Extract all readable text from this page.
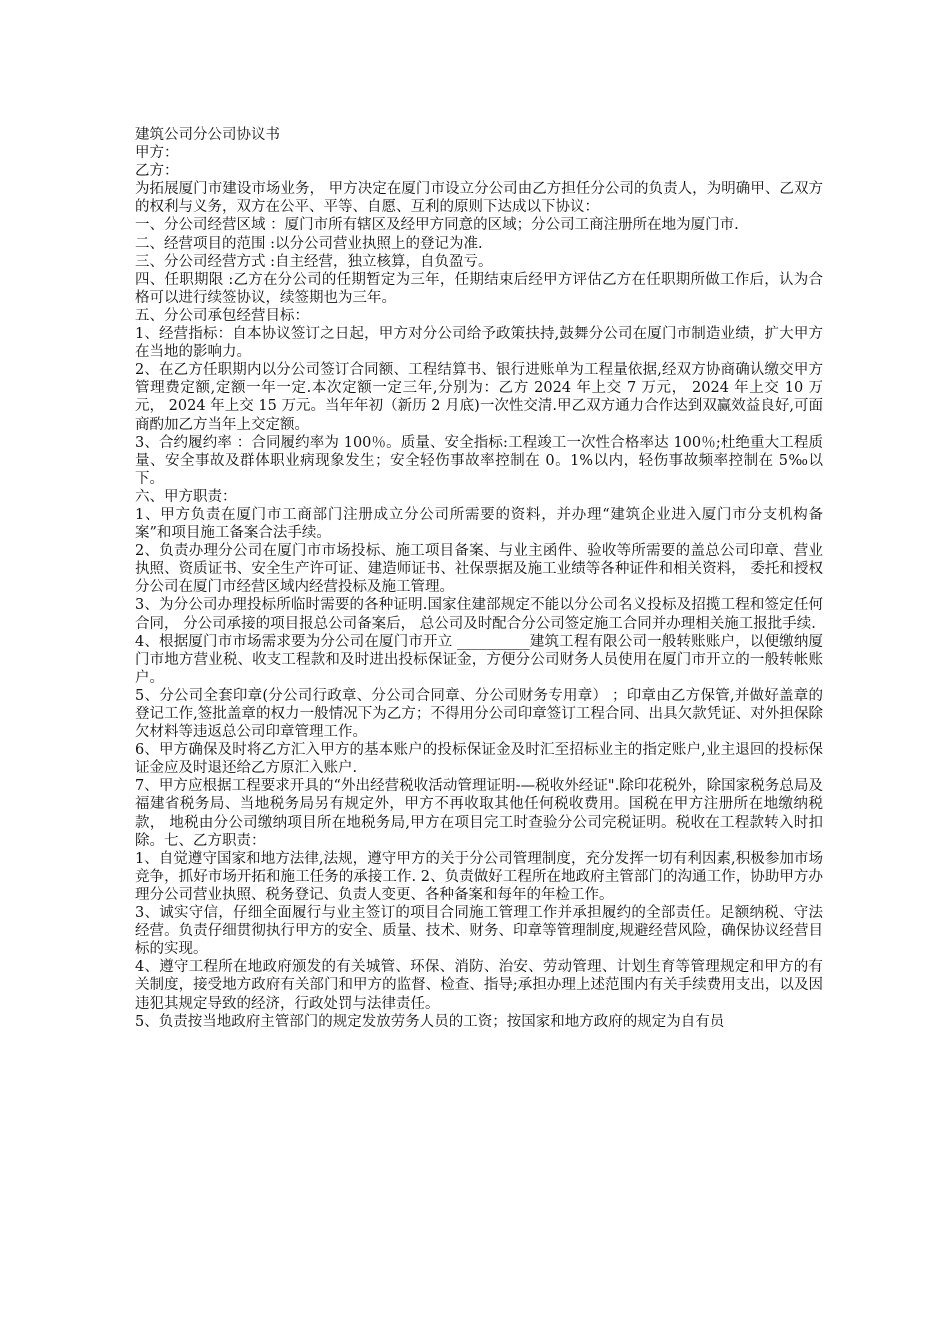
建筑公司分公司协议书

甲方：

乙方：

为拓展厦门市建设市场业务， 甲方决定在厦门市设立分公司由乙方担任分公司的负责人，为明确甲、乙双方的权利与义务，双方在公平、平等、自愿、互利的原则下达成以下协议：

一、分公司经营区域 ：厦门市所有辖区及经甲方同意的区域；分公司工商注册所在地为厦门市.

二、经营项目的范围 :以分公司营业执照上的登记为准.

三、分公司经营方式 :自主经营，独立核算，自负盈亏。

四、任职期限 :乙方在分公司的任期暂定为三年，任期结束后经甲方评估乙方在任职期所做工作后，认为合格可以进行续签协议，续签期也为三年。

五、分公司承包经营目标：

1、经营指标：自本协议签订之日起，甲方对分公司给予政策扶持,鼓舞分公司在厦门市制造业绩，扩大甲方在当地的影响力。

2、在乙方任职期内以分公司签订合同额、工程结算书、银行进账单为工程量依据,经双方协商确认缴交甲方管理费定额,定额一年一定.本次定额一定三年,分别为：乙方 2024 年上交 7 万元， 2024 年上交 10 万元， 2024 年上交 15 万元。当年年初（新历 2 月底)一次性交清.甲乙双方通力合作达到双赢效益良好,可面商酌加乙方当年上交定额。

3、合约履约率 ：合同履约率为 100％。质量、安全指标:工程竣工一次性合格率达 100％;杜绝重大工程质量、安全事故及群体职业病现象发生；安全轻伤事故率控制在 0。1%以内，轻伤事故频率控制在 5‰以下。

六、甲方职责：

1、甲方负责在厦门市工商部门注册成立分公司所需要的资料，并办理“建筑企业进入厦门市分支机构备案”和项目施工备案合法手续。

2、负责办理分公司在厦门市市场投标、施工项目备案、与业主函件、验收等所需要的盖总公司印章、营业执照、资质证书、安全生产许可证、建造师证书、社保票据及施工业绩等各种证件和相关资料， 委托和授权分公司在厦门市经营区域内经营投标及施工管理。

3、为分公司办理投标所临时需要的各种证明.国家住建部规定不能以分公司名义投标及招揽工程和签定任何合同， 分公司承接的项目报总公司备案后， 总公司及时配合分公司签定施工合同并办理相关施工报批手续.

4、根据厦门市市场需求要为分公司在厦门市开立 __________建筑工程有限公司一般转账账户，以便缴纳厦门市地方营业税、收支工程款和及时进出投标保证金，方便分公司财务人员使用在厦门市开立的一般转帐账户。

5、分公司全套印章(分公司行政章、分公司合同章、分公司财务专用章） ；印章由乙方保管,并做好盖章的登记工作,签批盖章的权力一般情况下为乙方；不得用分公司印章签订工程合同、出具欠款凭证、对外担保除欠材料等违返总公司印章管理工作。

6、甲方确保及时将乙方汇入甲方的基本账户的投标保证金及时汇至招标业主的指定账户,业主退回的投标保证金应及时退还给乙方原汇入账户.

7、甲方应根据工程要求开具的“外出经营税收活动管理证明-—税收外经证".除印花税外，除国家税务总局及福建省税务局、当地税务局另有规定外，甲方不再收取其他任何税收费用。国税在甲方注册所在地缴纳税款， 地税由分公司缴纳项目所在地税务局,甲方在项目完工时查验分公司完税证明。税收在工程款转入时扣除。七、乙方职责：

1、自觉遵守国家和地方法律,法规，遵守甲方的关于分公司管理制度，充分发挥一切有利因素,积极参加市场竞争，抓好市场开拓和施工任务的承接工作. 2、负责做好工程所在地政府主管部门的沟通工作，协助甲方办理分公司营业执照、税务登记、负责人变更、各种备案和每年的年检工作。

3、诚实守信，仔细全面履行与业主签订的项目合同施工管理工作并承担履约的全部责任。足额纳税、守法经营。负责仔细贯彻执行甲方的安全、质量、技术、财务、印章等管理制度,规避经营风险，确保协议经营目标的实现。

4、遵守工程所在地政府颁发的有关城管、环保、消防、治安、劳动管理、计划生育等管理规定和甲方的有关制度，接受地方政府有关部门和甲方的监督、检查、指导;承担办理上述范围内有关手续费用支出，以及因违犯其规定导致的经济，行政处罚与法律责任。

5、负责按当地政府主管部门的规定发放劳务人员的工资；按国家和地方政府的规定为自有员
